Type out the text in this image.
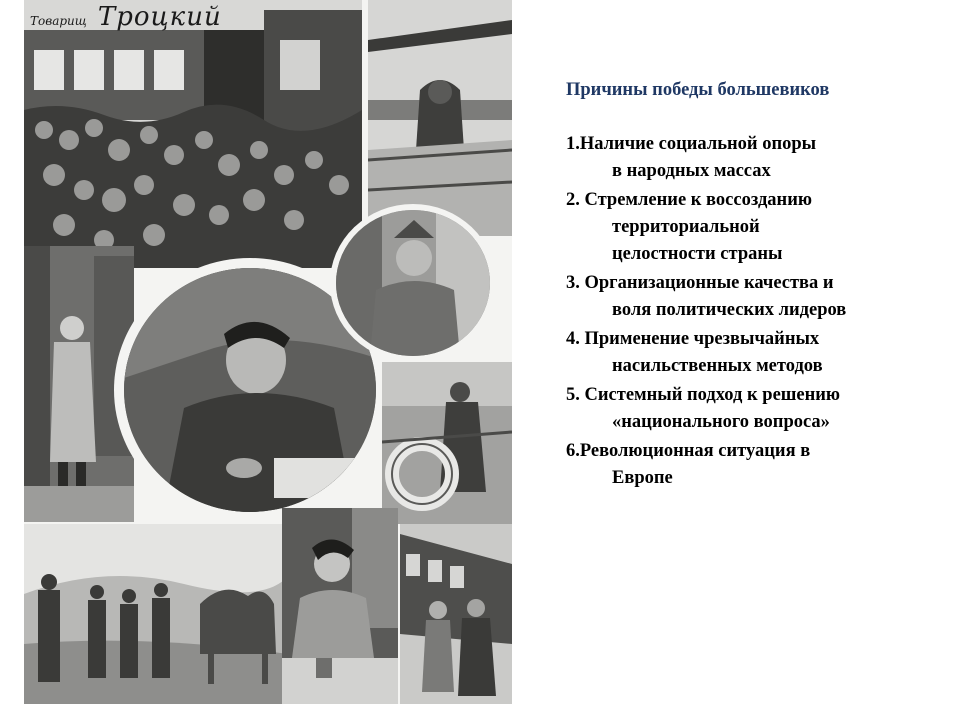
Товарищ Троцкий
Причины победы большевиков
1.Наличие социальной опоры
в народных массах
2. Стремление к воссозданию
территориальной
целостности страны
3. Организационные качества и
воля политических лидеров
4. Применение чрезвычайных
насильственных методов
5. Системный подход к решению
«национального вопроса»
6.Революционная ситуация в
Европе
